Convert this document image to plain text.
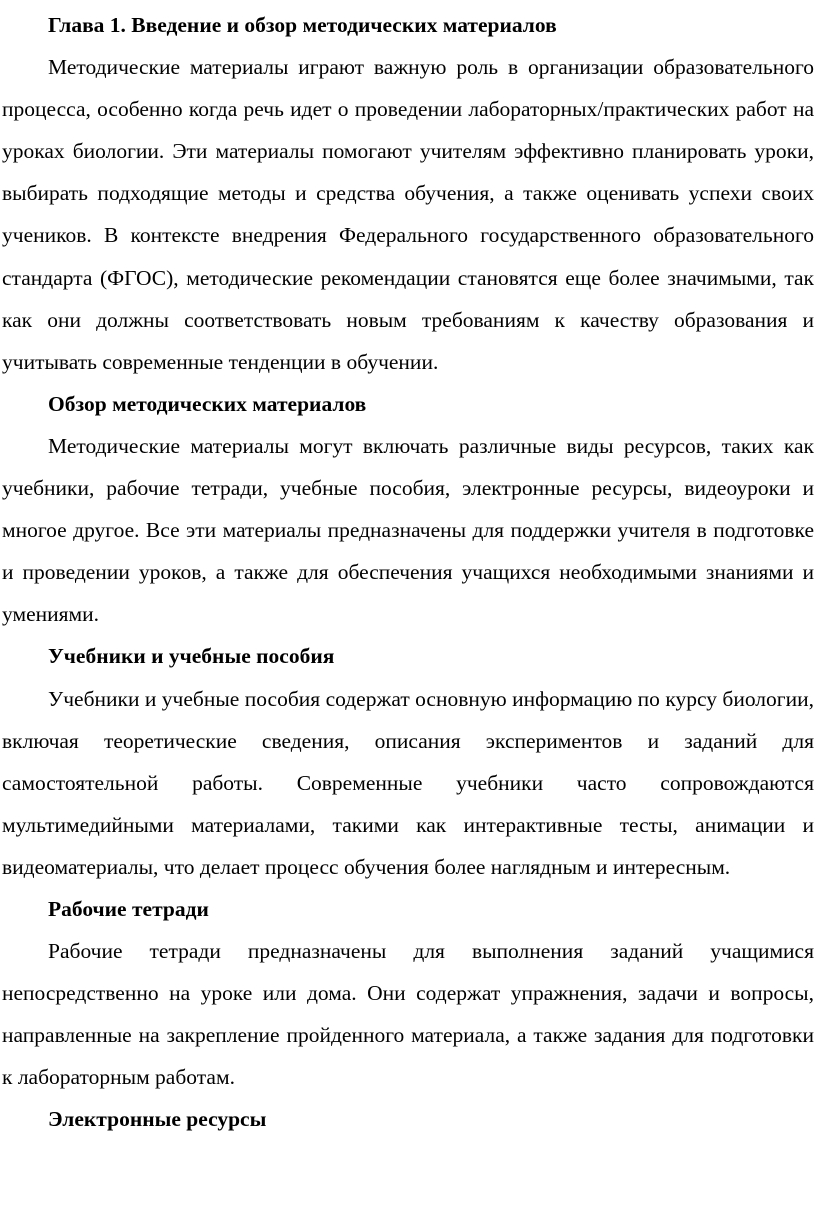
Глава 1. Введение и обзор методических материалов

Методические материалы играют важную роль в организации образовательного процесса, особенно когда речь идет о проведении лабораторных/практических работ на уроках биологии. Эти материалы помогают учителям эффективно планировать уроки, выбирать подходящие методы и средства обучения, а также оценивать успехи своих учеников. В контексте внедрения Федерального государственного образовательного стандарта (ФГОС), методические рекомендации становятся еще более значимыми, так как они должны соответствовать новым требованиям к качеству образования и учитывать современные тенденции в обучении.

Обзор методических материалов

Методические материалы могут включать различные виды ресурсов, таких как учебники, рабочие тетради, учебные пособия, электронные ресурсы, видеоуроки и многое другое. Все эти материалы предназначены для поддержки учителя в подготовке и проведении уроков, а также для обеспечения учащихся необходимыми знаниями и умениями.

Учебники и учебные пособия

Учебники и учебные пособия содержат основную информацию по курсу биологии, включая теоретические сведения, описания экспериментов и заданий для самостоятельной работы. Современные учебники часто сопровождаются мультимедийными материалами, такими как интерактивные тесты, анимации и видеоматериалы, что делает процесс обучения более наглядным и интересным.

Рабочие тетради

Рабочие тетради предназначены для выполнения заданий учащимися непосредственно на уроке или дома. Они содержат упражнения, задачи и вопросы, направленные на закрепление пройденного материала, а также задания для подготовки к лабораторным работам.

Электронные ресурсы
